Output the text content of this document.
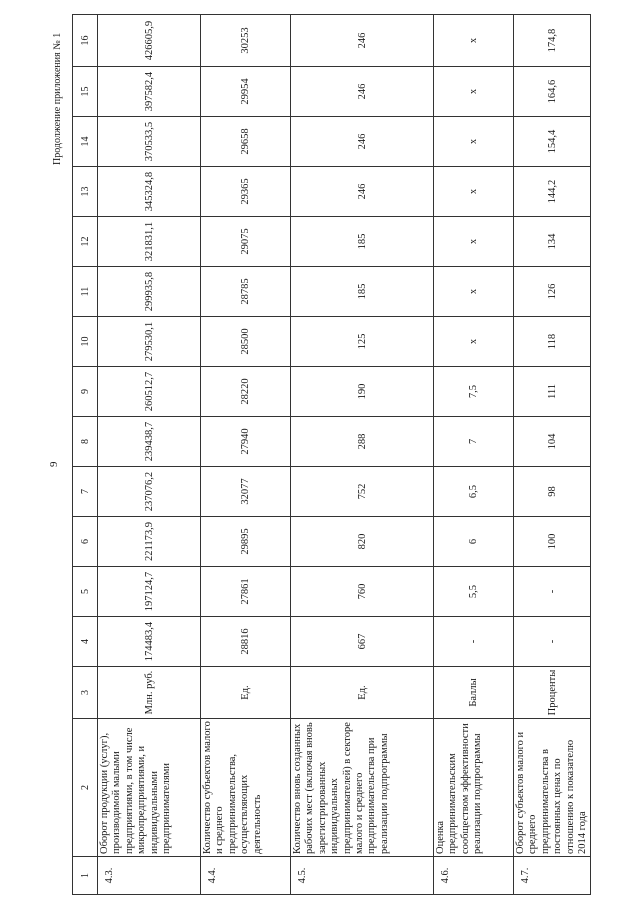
9
Продолжение приложения № 1
1	2	3	4	5	6	7	8	9	10	11	12	13	14	15	16
4.3.	Оборот продукции (услуг), производимой малыми предприятиями, в том числе микропредприятиями, и индивидуальными предпринимателями	Млн. руб.	174483,4	197124,7	221173,9	237076,2	239438,7	260512,7	279530,1	299935,8	321831,1	345324,8	370533,5	397582,4	426605,9
4.4.	Количество субъектов малого и среднего предпринимательства, осуществляющих деятельность	Ед.	28816	27861	29895	32077	27940	28220	28500	28785	29075	29365	29658	29954	30253
4.5.	Количество вновь созданных рабочих мест (включая вновь зарегистрированных индивидуальных предпринимателей) в секторе малого и среднего предпринимательства при реализации подпрограммы	Ед.	667	760	820	752	288	190	125	185	185	246	246	246	246
4.6.	Оценка предпринимательским сообществом эффективности реализации подпрограммы	Баллы	-	5,5	6	6,5	7	7,5	x	x	x	x	x	x	x
4.7.	Оборот субъектов малого и среднего предпринимательства в постоянных ценах по отношению к показателю 2014 года	Проценты	-	-	100	98	104	111	118	126	134	144,2	154,4	164,6	174,8
